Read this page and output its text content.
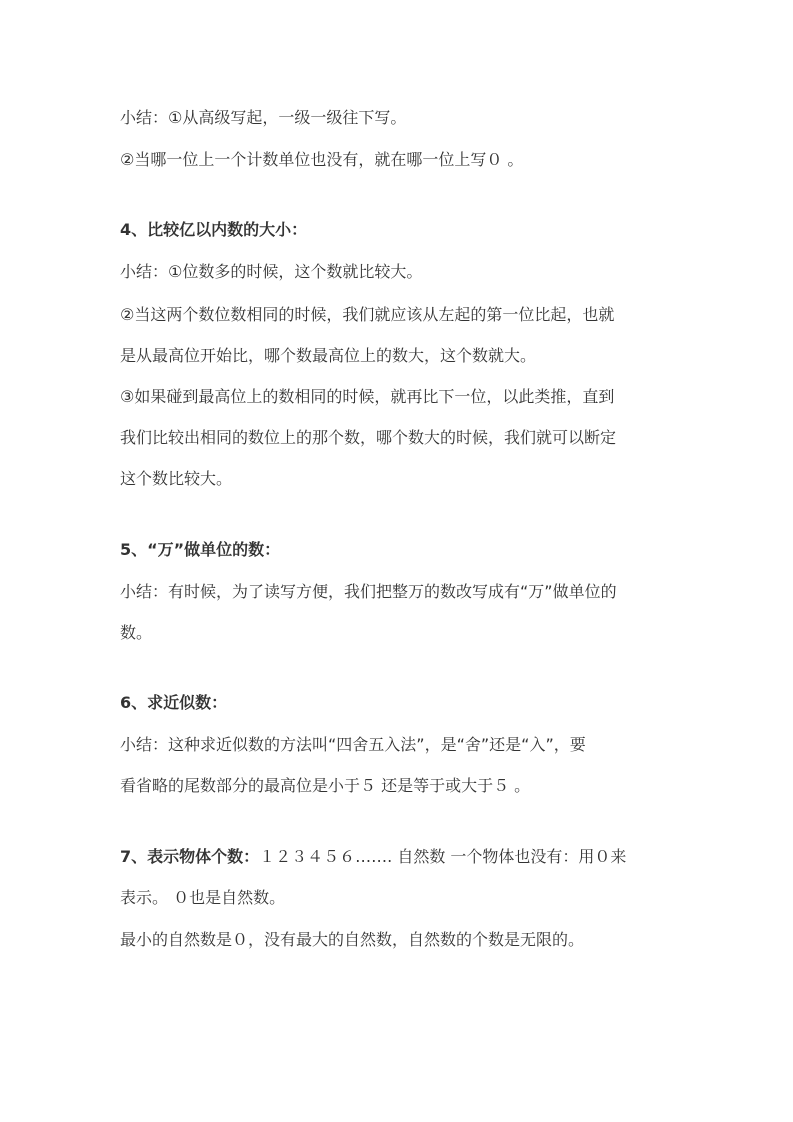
小结：①从高级写起，一级一级往下写。
②当哪一位上一个计数单位也没有，就在哪一位上写０ 。
4、比较亿以内数的大小：
小结：①位数多的时候，这个数就比较大。
②当这两个数位数相同的时候，我们就应该从左起的第一位比起，也就
是从最高位开始比，哪个数最高位上的数大，这个数就大。
③如果碰到最高位上的数相同的时候，就再比下一位，以此类推，直到
我们比较出相同的数位上的那个数，哪个数大的时候，我们就可以断定
这个数比较大。
5、“万”做单位的数：
小结：有时候，为了读写方便，我们把整万的数改写成有“万”做单位的
数。
6、求近似数：
小结：这种求近似数的方法叫“四舍五入法”，是“舍”还是“入”，要
看省略的尾数部分的最高位是小于５ 还是等于或大于５ 。
7、表示物体个数：１２３４５６……. 自然数 一个物体也没有：用０来
表示。 ０也是自然数。
最小的自然数是０，没有最大的自然数，自然数的个数是无限的。
